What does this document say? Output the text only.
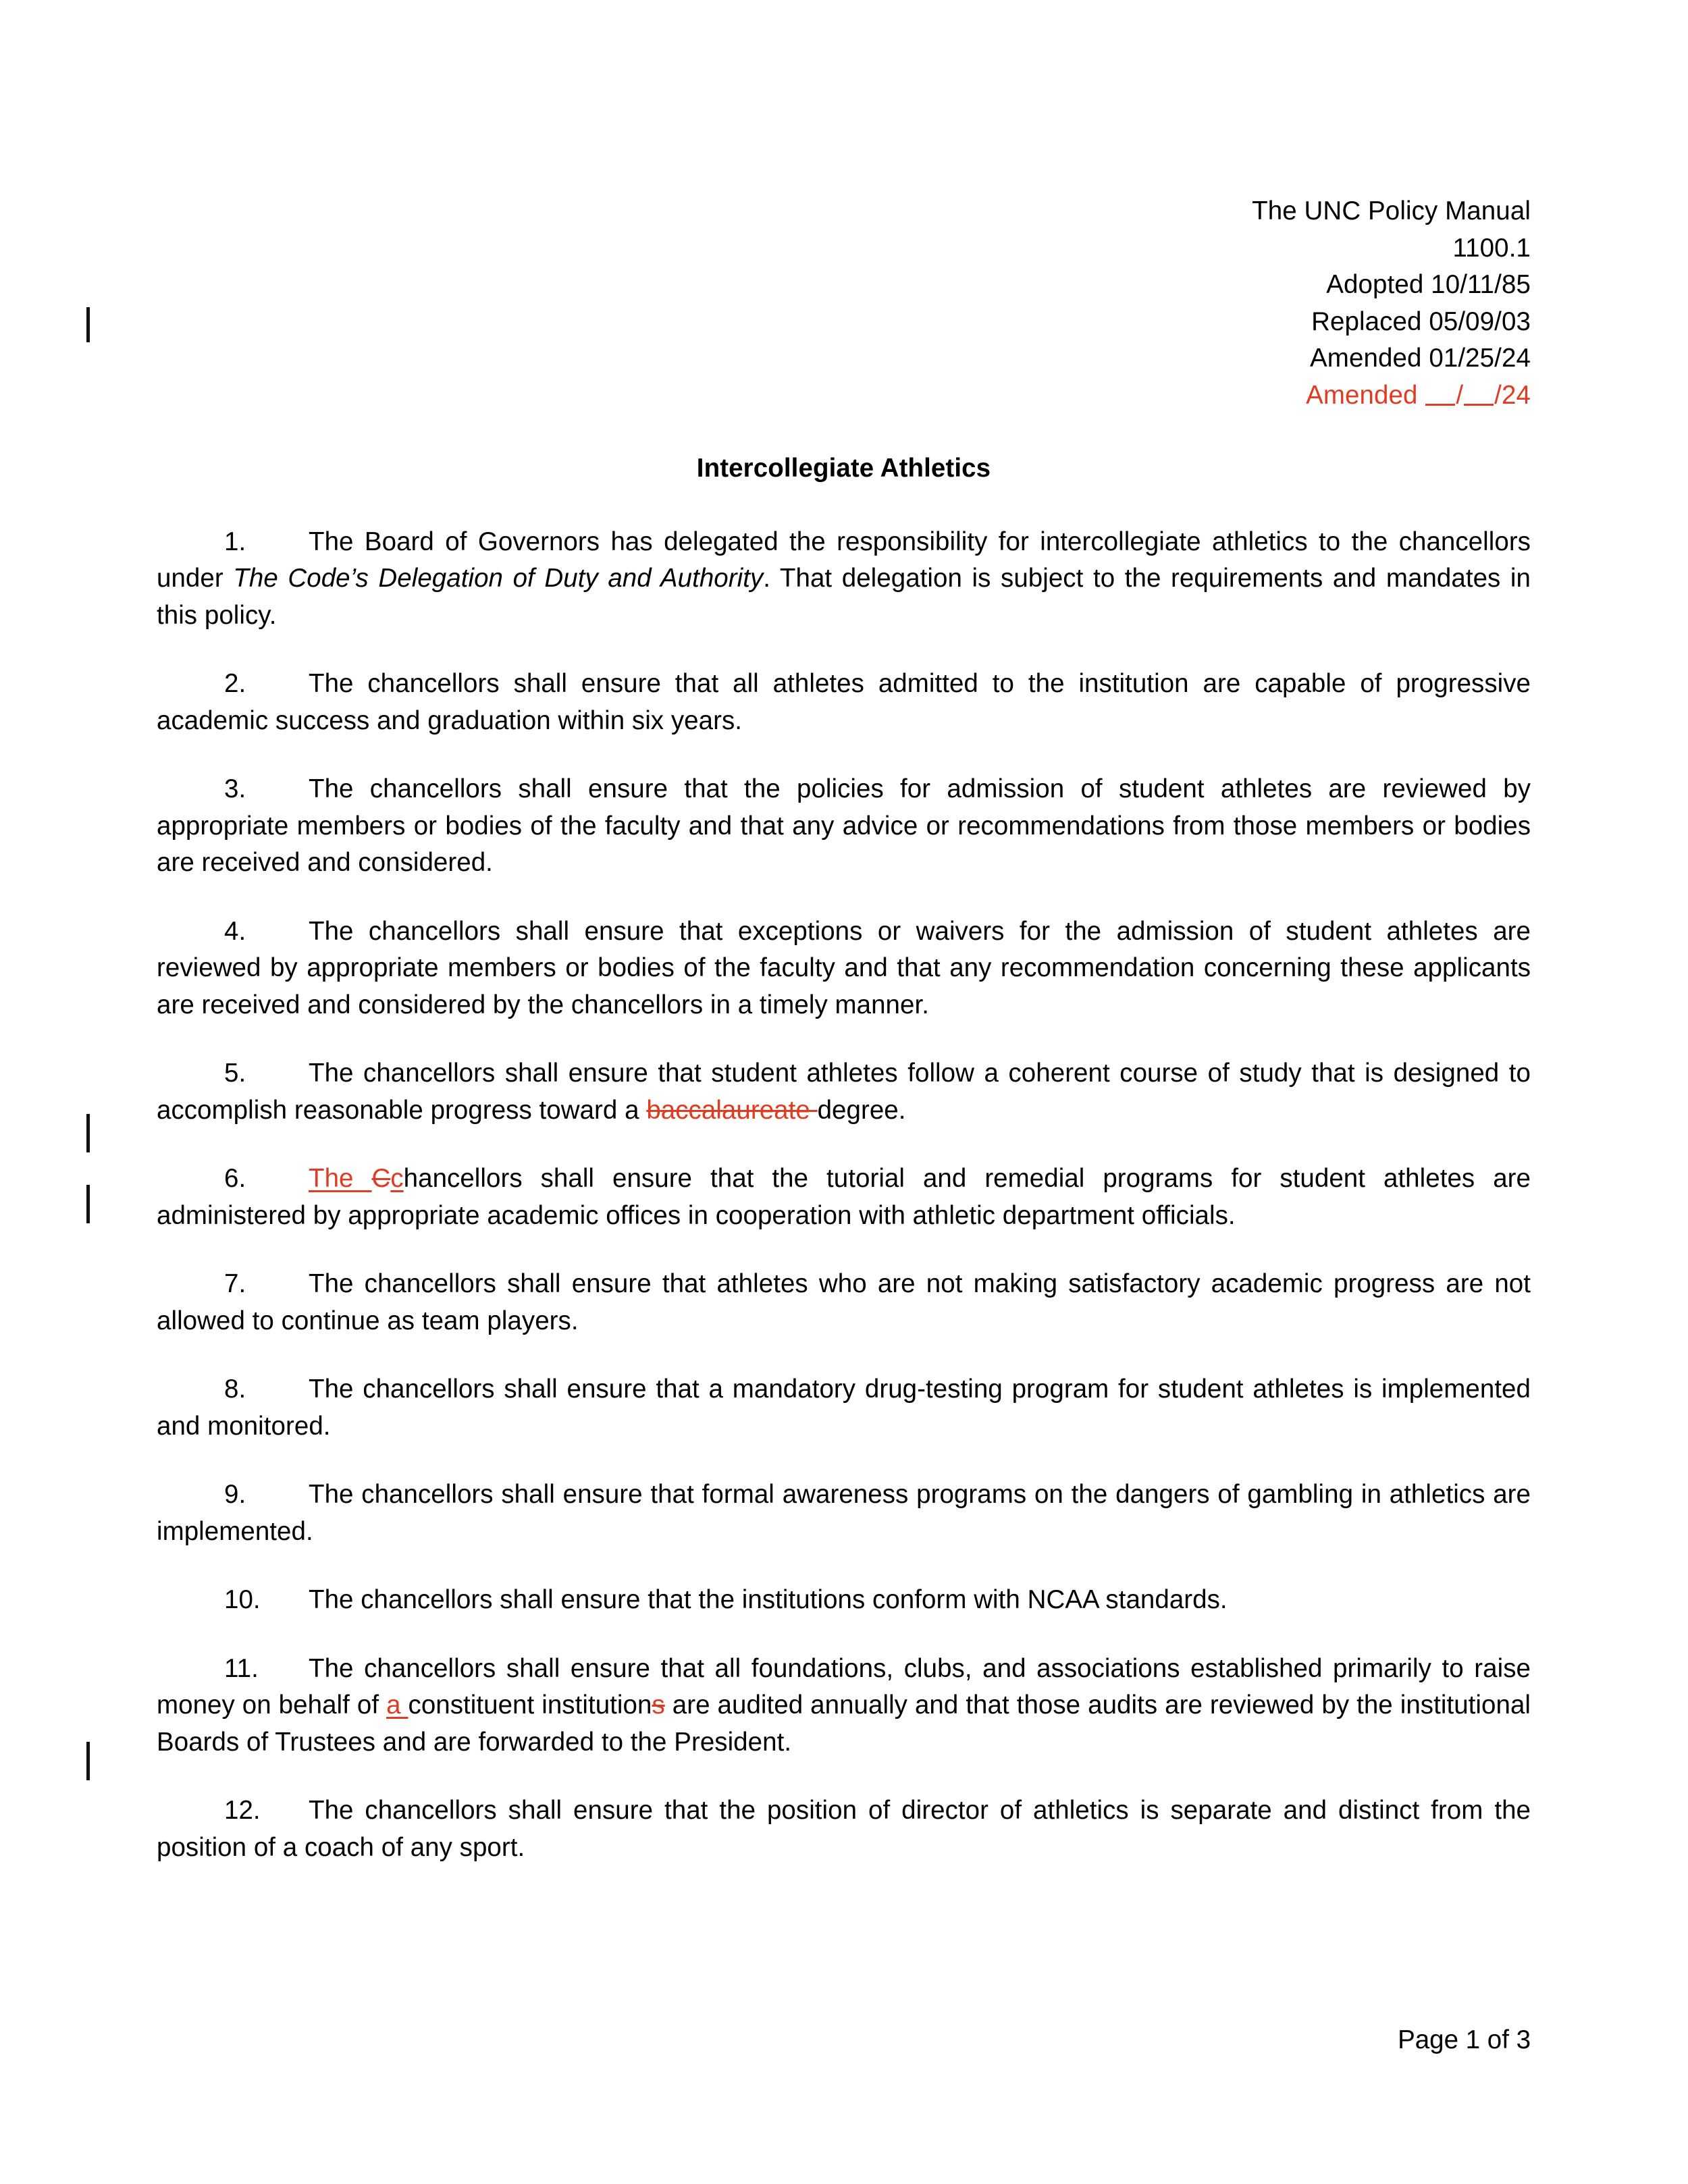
The UNC Policy Manual
1100.1
Adopted 10/11/85
Replaced 05/09/03
Amended 01/25/24
Amended / /24
Intercollegiate Athletics
1. The Board of Governors has delegated the responsibility for intercollegiate athletics to the chancellors under The Code’s Delegation of Duty and Authority. That delegation is subject to the requirements and mandates in this policy.
2. The chancellors shall ensure that all athletes admitted to the institution are capable of progressive academic success and graduation within six years.
3. The chancellors shall ensure that the policies for admission of student athletes are reviewed by appropriate members or bodies of the faculty and that any advice or recommendations from those members or bodies are received and considered.
4. The chancellors shall ensure that exceptions or waivers for the admission of student athletes are reviewed by appropriate members or bodies of the faculty and that any recommendation concerning these applicants are received and considered by the chancellors in a timely manner.
5. The chancellors shall ensure that student athletes follow a coherent course of study that is designed to accomplish reasonable progress toward a baccalaureate degree.
6. The Cchancellors shall ensure that the tutorial and remedial programs for student athletes are administered by appropriate academic offices in cooperation with athletic department officials.
7. The chancellors shall ensure that athletes who are not making satisfactory academic progress are not allowed to continue as team players.
8. The chancellors shall ensure that a mandatory drug-testing program for student athletes is implemented and monitored.
9. The chancellors shall ensure that formal awareness programs on the dangers of gambling in athletics are implemented.
10. The chancellors shall ensure that the institutions conform with NCAA standards.
11. The chancellors shall ensure that all foundations, clubs, and associations established primarily to raise money on behalf of a constituent institutions are audited annually and that those audits are reviewed by the institutional Boards of Trustees and are forwarded to the President.
12. The chancellors shall ensure that the position of director of athletics is separate and distinct from the position of a coach of any sport.
Page 1 of 3
